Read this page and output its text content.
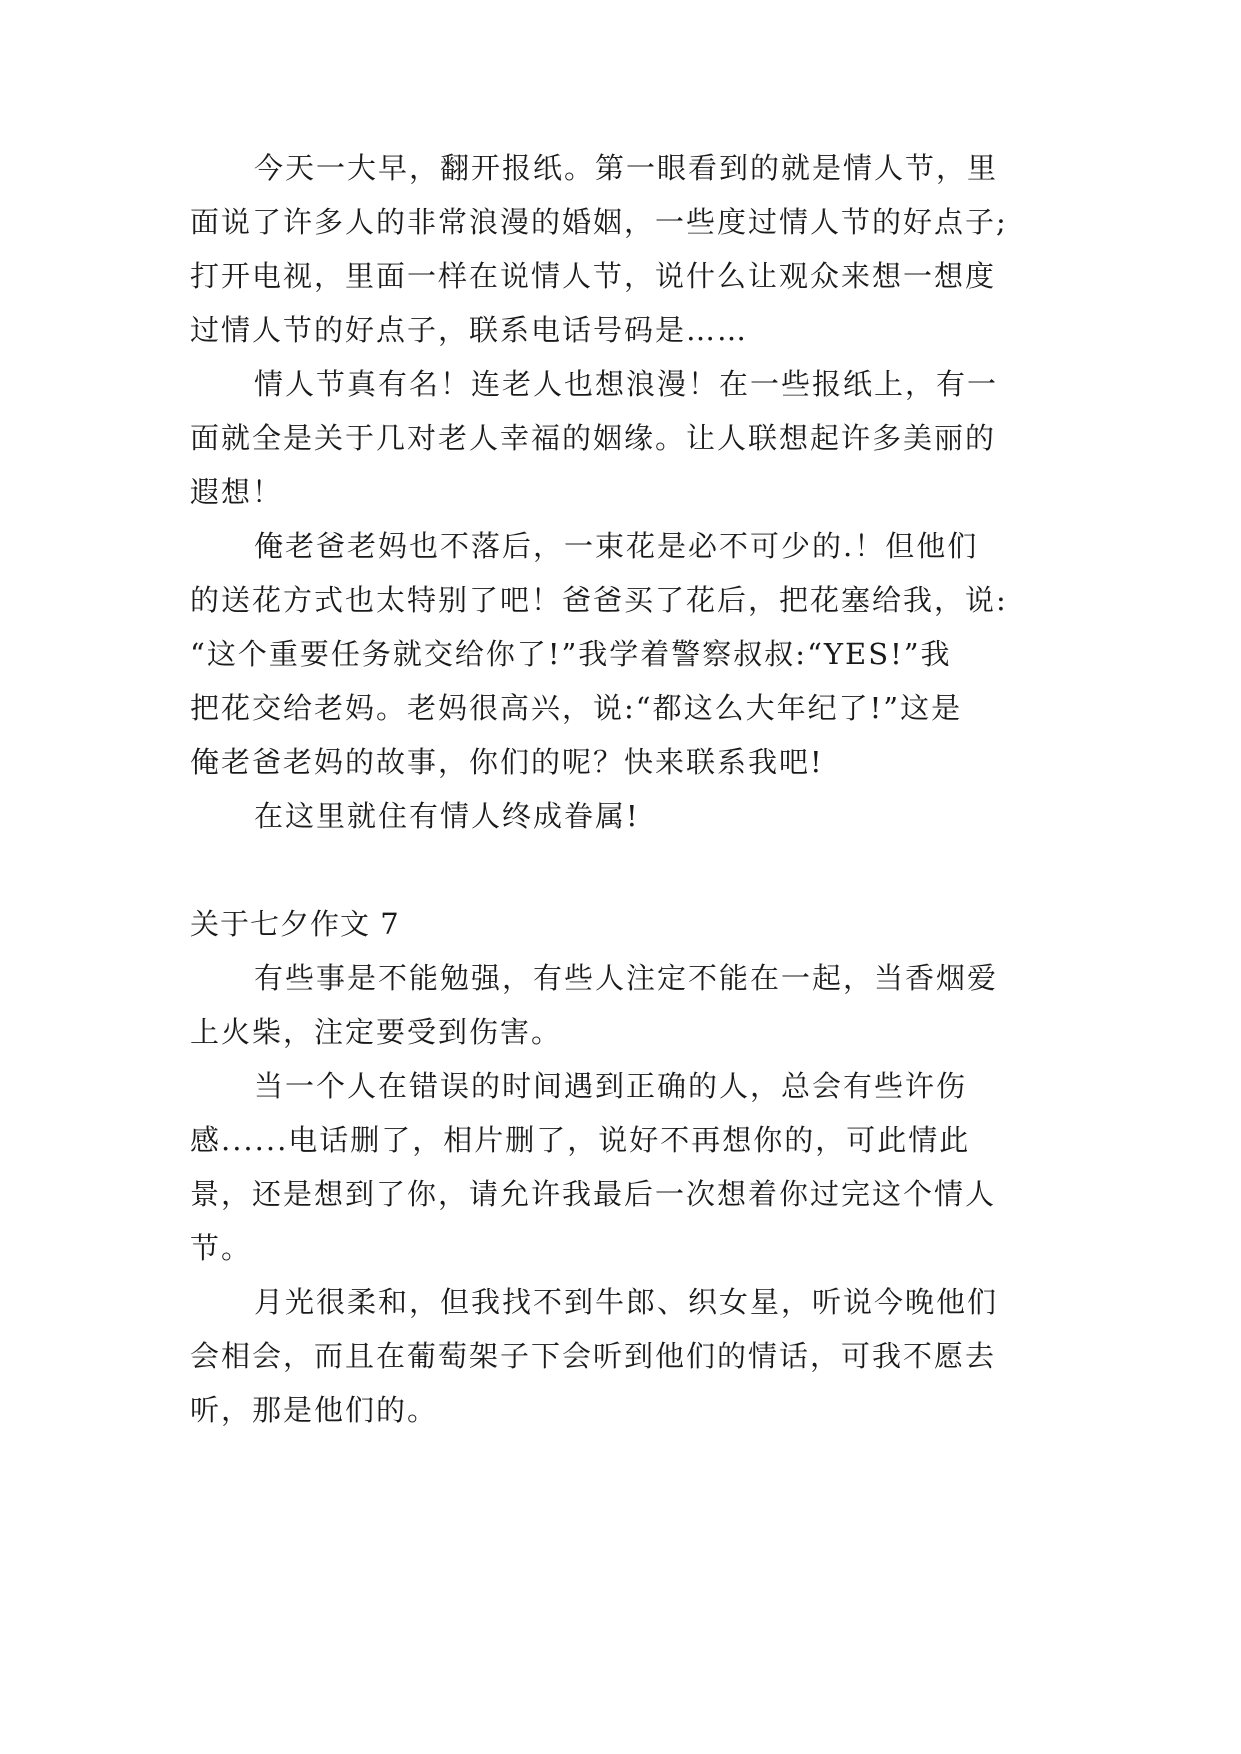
今天一大早，翻开报纸。第一眼看到的就是情人节，里
面说了许多人的非常浪漫的婚姻，一些度过情人节的好点子;
打开电视，里面一样在说情人节，说什么让观众来想一想度
过情人节的好点子，联系电话号码是……
情人节真有名！连老人也想浪漫！在一些报纸上，有一
面就全是关于几对老人幸福的姻缘。让人联想起许多美丽的
遐想！
俺老爸老妈也不落后，一束花是必不可少的.！但他们
的送花方式也太特别了吧！爸爸买了花后，把花塞给我，说:
“这个重要任务就交给你了!”我学着警察叔叔:“YES!”我
把花交给老妈。老妈很高兴，说:“都这么大年纪了!”这是
俺老爸老妈的故事，你们的呢？快来联系我吧!
在这里就住有情人终成眷属!
关于七夕作文 7
有些事是不能勉强，有些人注定不能在一起，当香烟爱
上火柴，注定要受到伤害。
当一个人在错误的时间遇到正确的人，总会有些许伤
感......电话删了，相片删了，说好不再想你的，可此情此
景，还是想到了你，请允许我最后一次想着你过完这个情人
节。
月光很柔和，但我找不到牛郎、织女星，听说今晚他们
会相会，而且在葡萄架子下会听到他们的情话，可我不愿去
听，那是他们的。
